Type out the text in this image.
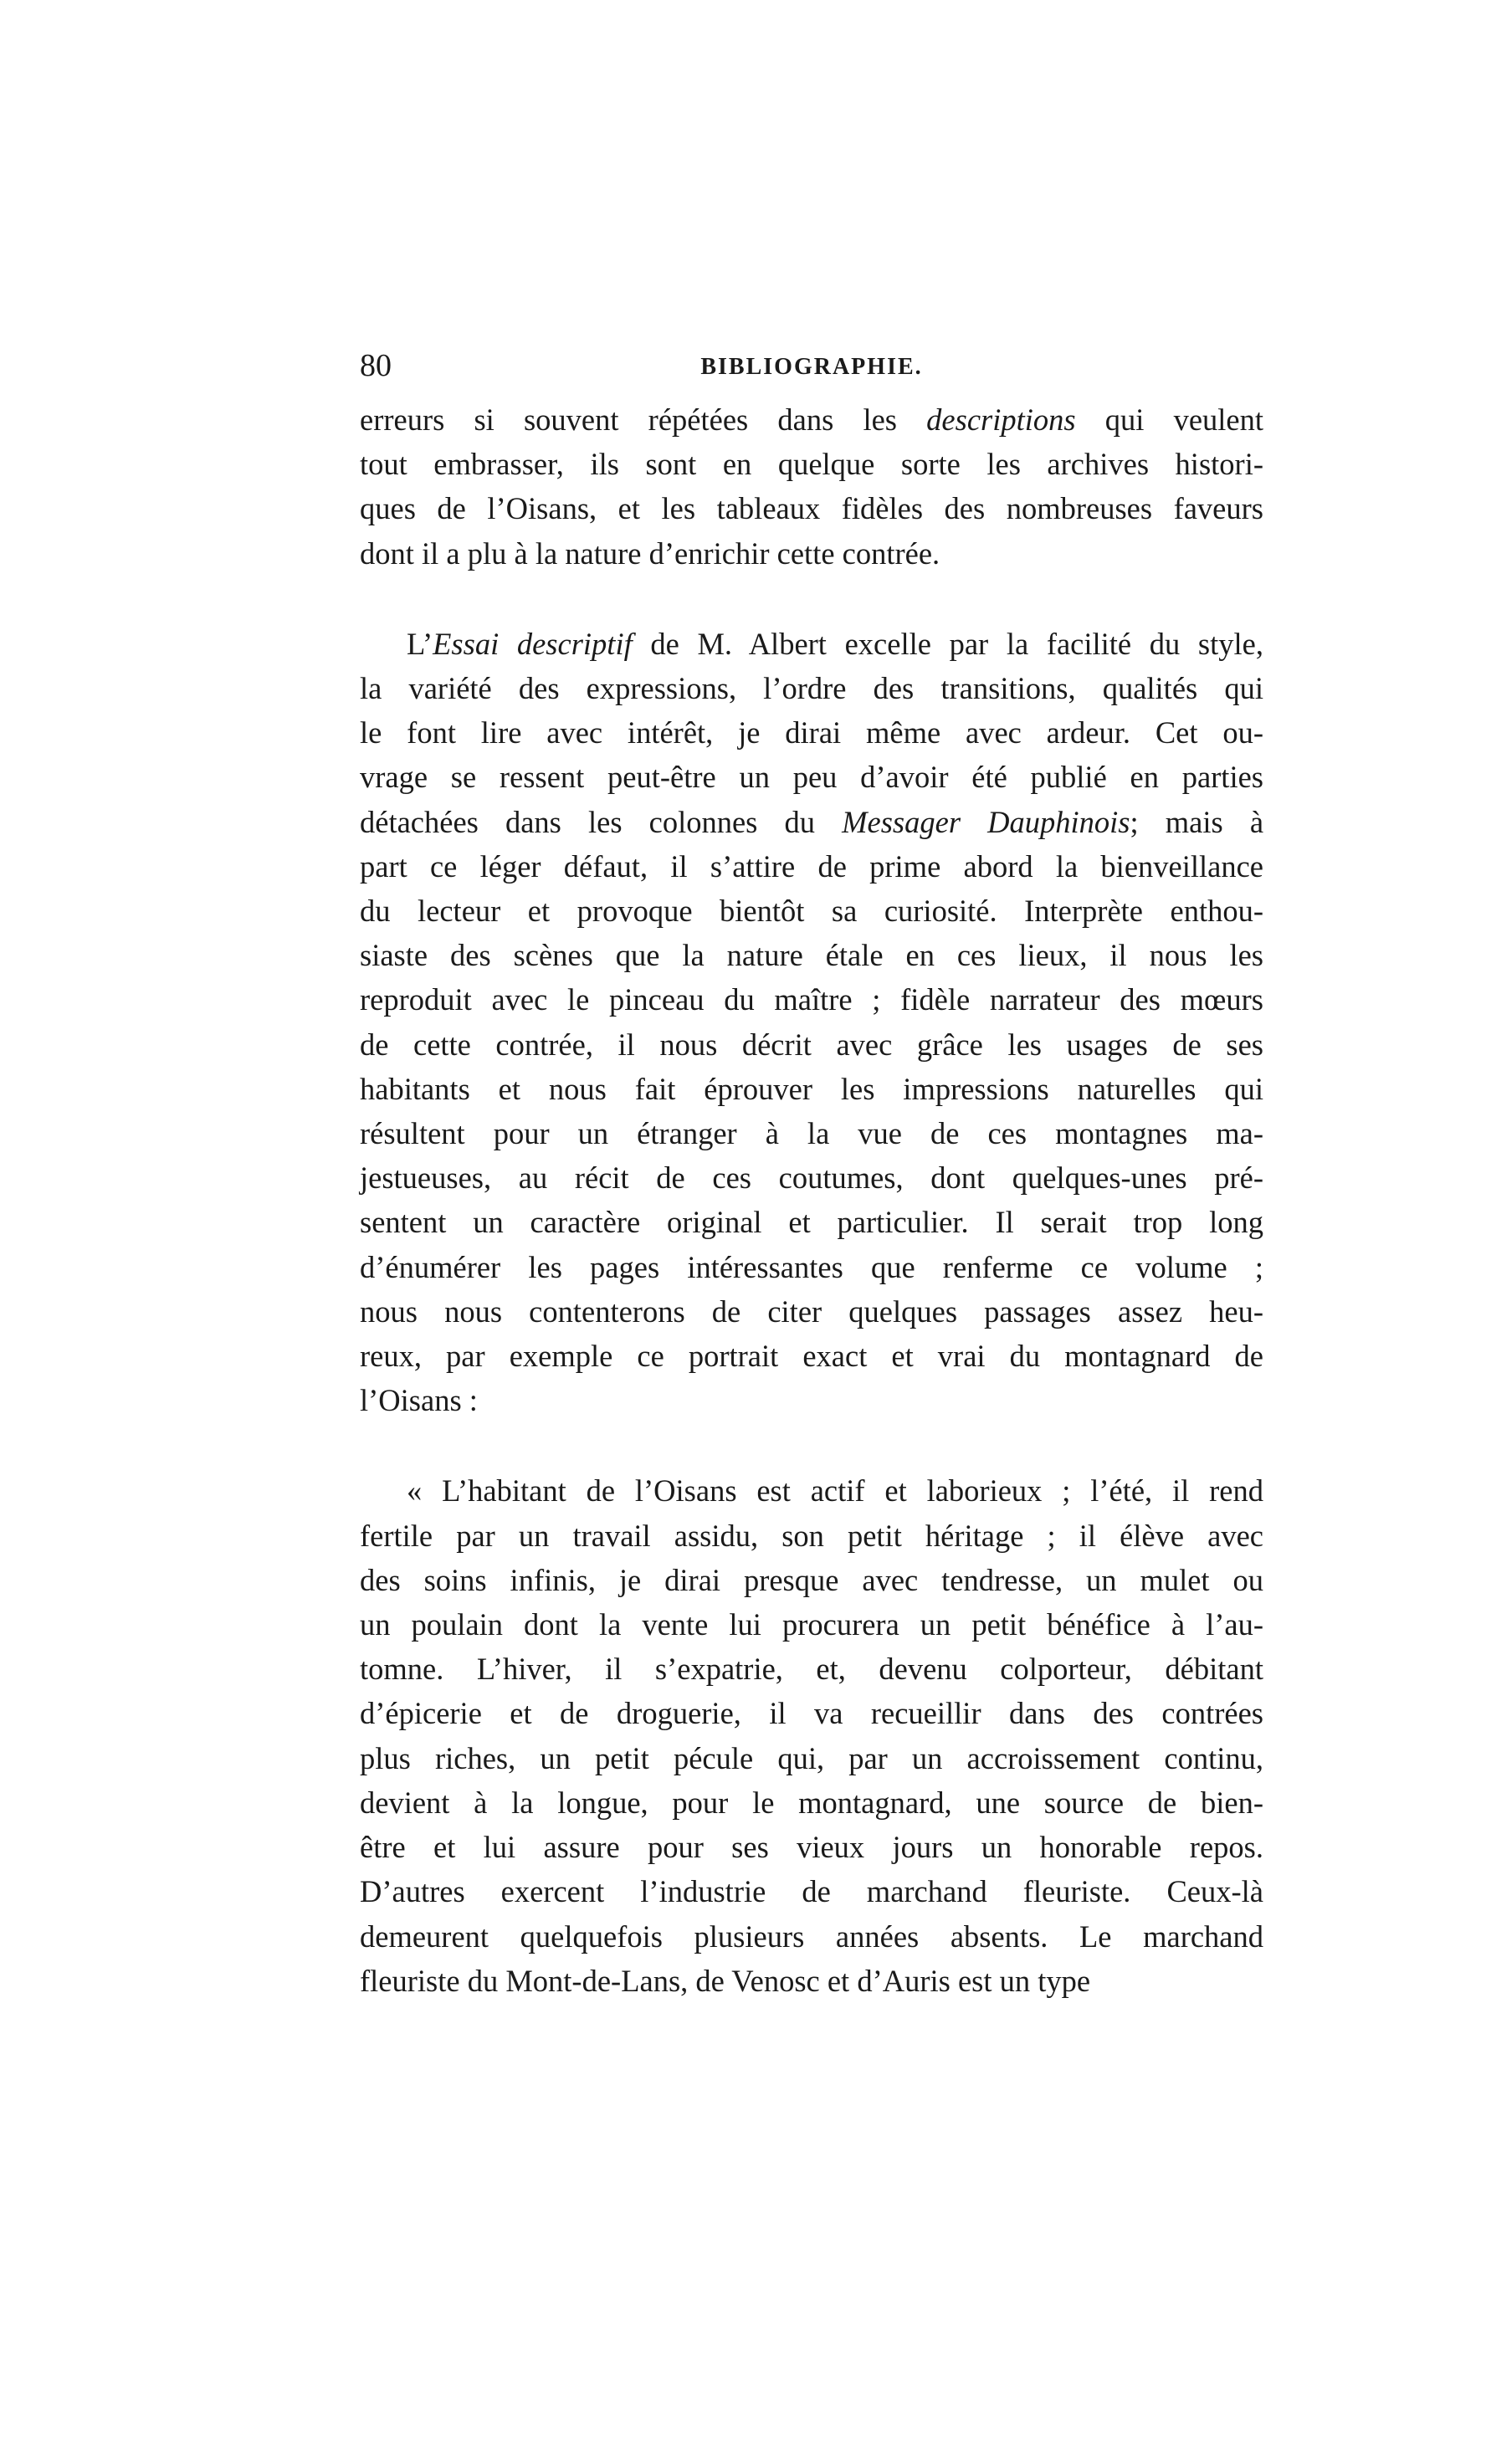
80	BIBLIOGRAPHIE.
erreurs si souvent répétées dans les descriptions qui veulent
tout embrasser, ils sont en quelque sorte les archives histori-
ques de l’Oisans, et les tableaux fidèles des nombreuses faveurs
dont il a plu à la nature d’enrichir cette contrée.
L’Essai descriptif de M. Albert excelle par la facilité du style,
la variété des expressions, l’ordre des transitions, qualités qui
le font lire avec intérêt, je dirai même avec ardeur. Cet ou-
vrage se ressent peut-être un peu d’avoir été publié en parties
détachées dans les colonnes du Messager Dauphinois; mais à
part ce léger défaut, il s’attire de prime abord la bienveillance
du lecteur et provoque bientôt sa curiosité. Interprète enthou-
siaste des scènes que la nature étale en ces lieux, il nous les
reproduit avec le pinceau du maître ; fidèle narrateur des mœurs
de cette contrée, il nous décrit avec grâce les usages de ses
habitants et nous fait éprouver les impressions naturelles qui
résultent pour un étranger à la vue de ces montagnes ma-
jestueuses, au récit de ces coutumes, dont quelques-unes pré-
sentent un caractère original et particulier. Il serait trop long
d’énumérer les pages intéressantes que renferme ce volume ;
nous nous contenterons de citer quelques passages assez heu-
reux, par exemple ce portrait exact et vrai du montagnard de
l’Oisans :
« L’habitant de l’Oisans est actif et laborieux ; l’été, il rend
fertile par un travail assidu, son petit héritage ; il élève avec
des soins infinis, je dirai presque avec tendresse, un mulet ou
un poulain dont la vente lui procurera un petit bénéfice à l’au-
tomne. L’hiver, il s’expatrie, et, devenu colporteur, débitant
d’épicerie et de droguerie, il va recueillir dans des contrées
plus riches, un petit pécule qui, par un accroissement continu,
devient à la longue, pour le montagnard, une source de bien-
être et lui assure pour ses vieux jours un honorable repos.
D’autres exercent l’industrie de marchand fleuriste. Ceux-là
demeurent quelquefois plusieurs années absents. Le marchand
fleuriste du Mont-de-Lans, de Venosc et d’Auris est un type
